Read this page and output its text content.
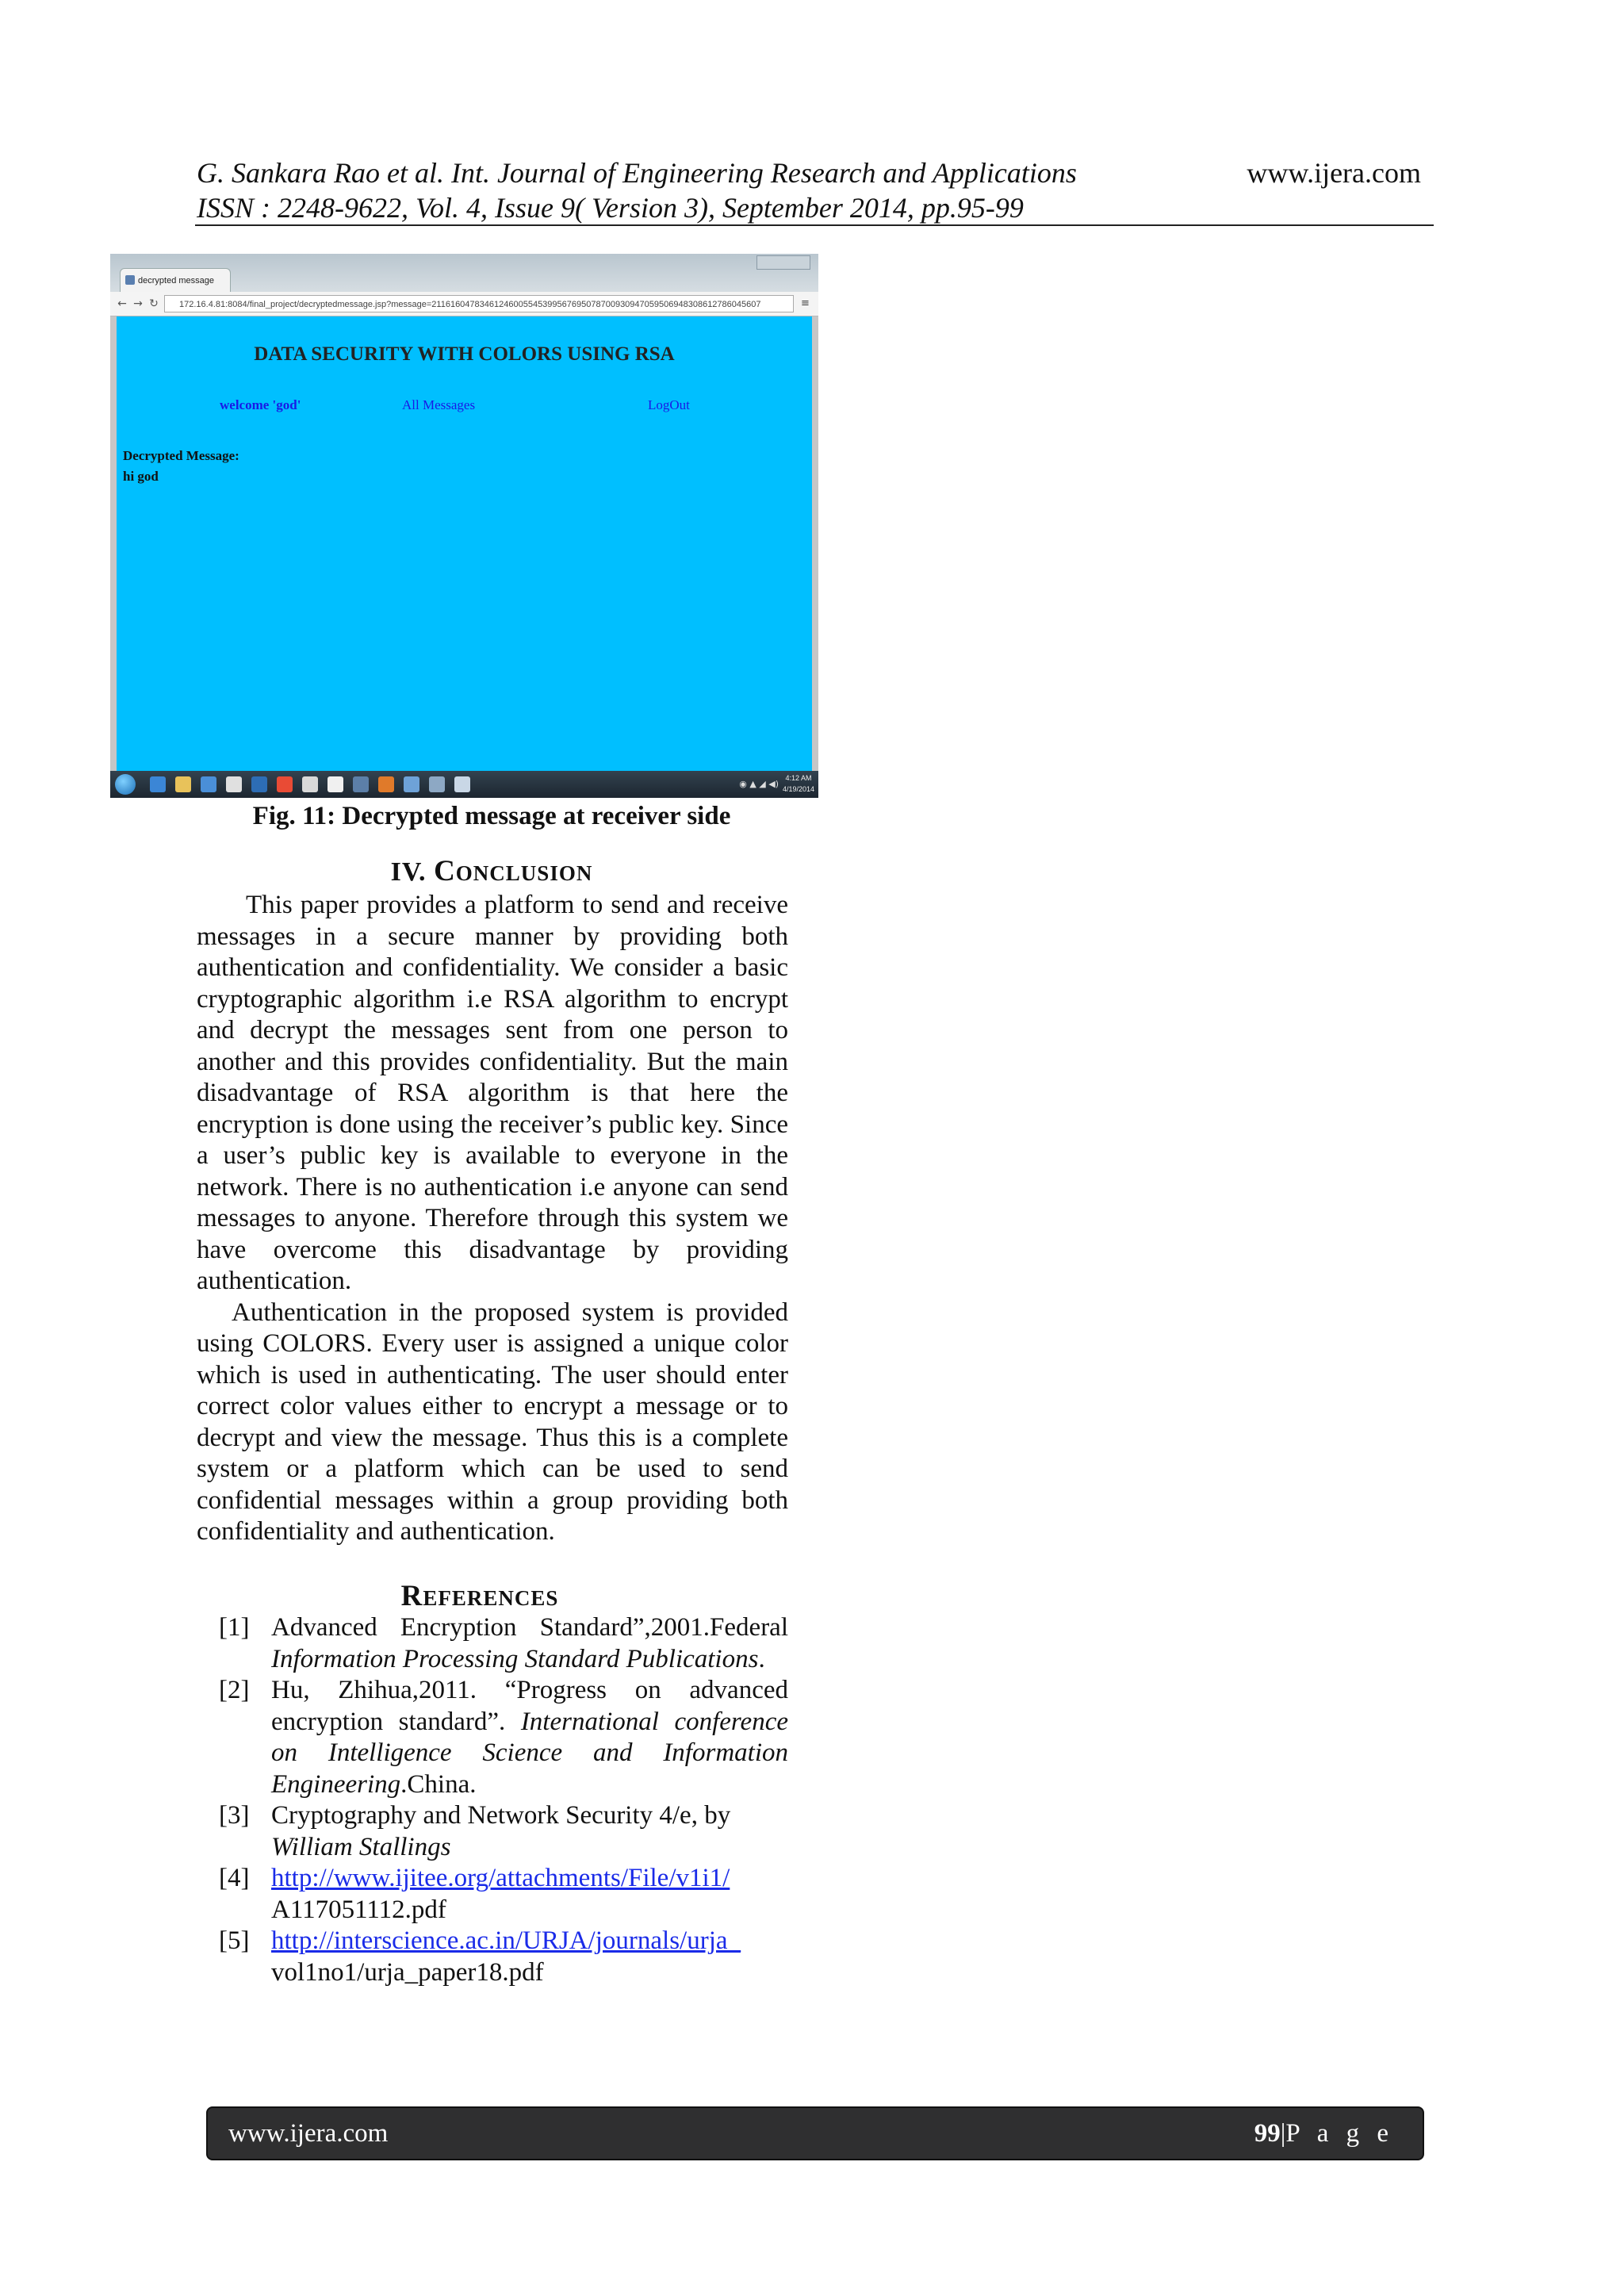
G. Sankara Rao et al. Int. Journal of Engineering Research and Applications
ISSN : 2248-9622, Vol. 4, Issue 9( Version 3), September 2014, pp.95-99
www.ijera.com
decrypted message
← → ↻	172.16.4.81:8084/final_project/decryptedmessage.jsp?message=21161604783461246005545399567695078700930947059506948308612786045607	≡
DATA SECURITY WITH COLORS USING RSA
welcome 'god'	All Messages	LogOut
Decrypted Message:
hi god
◉ ▲ ◢ ◀)
4:12 AM
4/19/2014
Fig. 11: Decrypted message at receiver side
IV. CONCLUSION

This paper provides a platform to send and receive messages in a secure manner by providing both authentication and confidentiality. We consider a basic cryptographic algorithm i.e RSA algorithm to encrypt and decrypt the messages sent from one person to another and this provides confidentiality. But the main disadvantage of RSA algorithm is that here the encryption is done using the receiver’s public key. Since a user’s public key is available to everyone in the network. There is no authentication i.e anyone can send messages to anyone. Therefore through this system we have overcome this disadvantage by providing authentication.

Authentication in the proposed system is provided using COLORS. Every user is assigned a unique color which is used in authenticating. The user should enter correct color values either to encrypt a message or to decrypt and view the message. Thus this is a complete system or a platform which can be used to send confidential messages within a group providing both confidentiality and authentication.

REFERENCES
[1] Advanced Encryption Standard”,2001.Federal Information Processing Standard Publications.
[2] Hu, Zhihua,2011. “Progress on advanced encryption standard”. International conference on Intelligence Science and Information Engineering.China.
[3] Cryptography and Network Security 4/e, by
William Stallings
[4] http://www.ijitee.org/attachments/File/v1i1/
A117051112.pdf
[5] http://interscience.ac.in/URJA/journals/urja_
vol1no1/urja_paper18.pdf
www.ijera.com	99|P a g e
